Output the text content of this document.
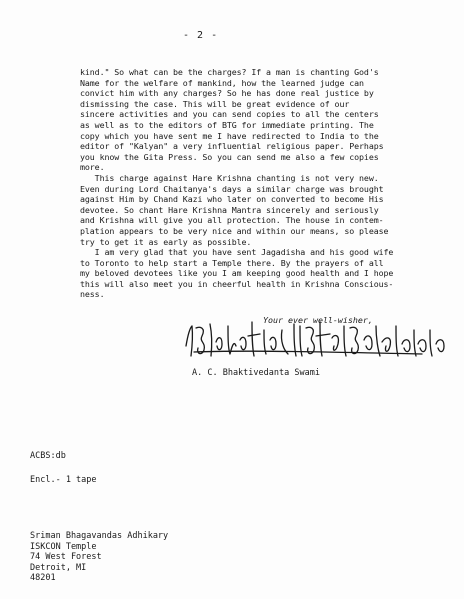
- 2 -
kind." So what can be the charges? If a man is chanting God's
Name for the welfare of mankind, how the learned judge can
convict him with any charges? So he has done real justice by
dismissing the case. This will be great evidence of our
sincere activities and you can send copies to all the centers
as well as to the editors of BTG for immediate printing. The
copy which you have sent me I have redirected to India to the
editor of "Kalyan" a very influential religious paper. Perhaps
you know the Gita Press. So you can send me also a few copies
more.
This charge against Hare Krishna chanting is not very new.
Even during Lord Chaitanya's days a similar charge was brought
against Him by Chand Kazi who later on converted to become His
devotee. So chant Hare Krishna Mantra sincerely and seriously
and Krishna will give you all protection. The house in contem-
plation appears to be very nice and within our means, so please
try to get it as early as possible.
I am very glad that you have sent Jagadisha and his good wife
to Toronto to help start a Temple there. By the prayers of all
my beloved devotees like you I am keeping good health and I hope
this will also meet you in cheerful health in Krishna Conscious-
ness.
Your ever well-wisher,
A. C. Bhaktivedanta Swami
ACBS:db
Encl.- 1 tape
Sriman Bhagavandas Adhikary
ISKCON Temple
74 West Forest
Detroit, MI
48201
